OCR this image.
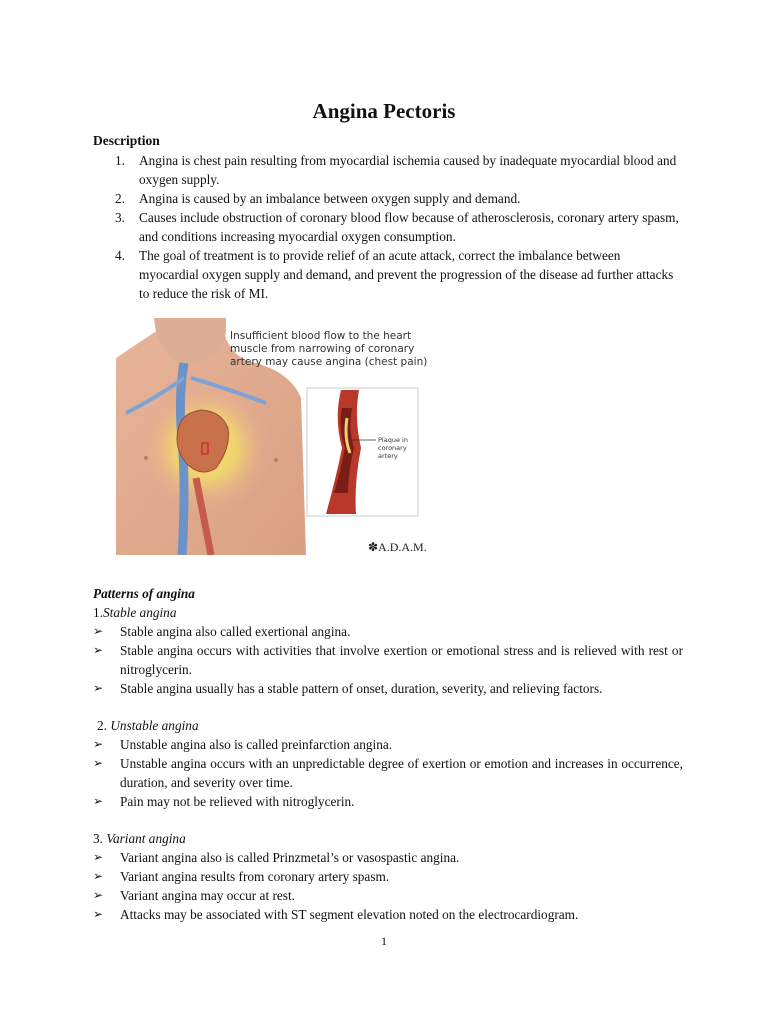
Angina Pectoris
Description
1. Angina is chest pain resulting from myocardial ischemia caused by inadequate myocardial blood and oxygen supply.
2. Angina is caused by an imbalance between oxygen supply and demand.
3. Causes include obstruction of coronary blood flow because of atherosclerosis, coronary artery spasm, and conditions increasing myocardial oxygen consumption.
4. The goal of treatment is to provide relief of an acute attack, correct the imbalance between myocardial oxygen supply and demand, and prevent the progression of the disease ad further attacks to reduce the risk of MI.
Insufficient blood flow to the heart
muscle from narrowing of coronary
artery may cause angina (chest pain)
Plaque in
coronary
artery
✽A.D.A.M.
Patterns of angina
1.Stable angina
➢ Stable angina also called exertional angina.
➢ Stable angina occurs with activities that involve exertion or emotional stress and is relieved with rest or nitroglycerin.
➢ Stable angina usually has a stable pattern of onset, duration, severity, and relieving factors.
2. Unstable angina
➢ Unstable angina also is called preinfarction angina.
➢ Unstable angina occurs with an unpredictable degree of exertion or emotion and increases in occurrence, duration, and severity over time.
➢ Pain may not be relieved with nitroglycerin.
3. Variant angina
➢ Variant angina also is called Prinzmetal’s or vasospastic angina.
➢ Variant angina results from coronary artery spasm.
➢ Variant angina may occur at rest.
➢ Attacks may be associated with ST segment elevation noted on the electrocardiogram.
1
